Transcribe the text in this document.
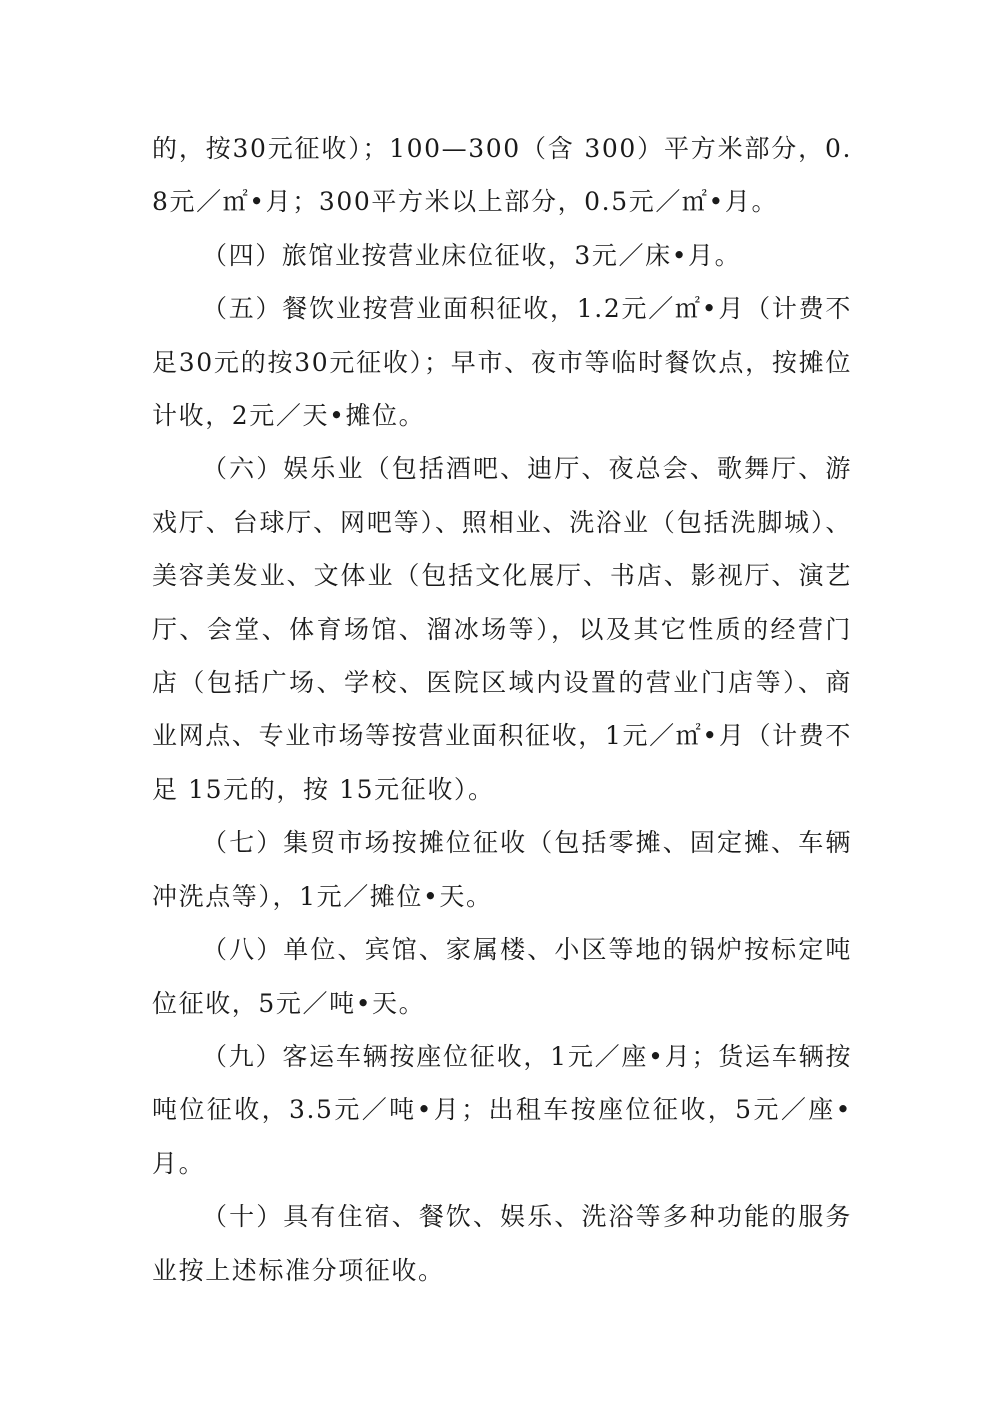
的，按30元征收）；100—300（含 300）平方米部分，0.8元／㎡•月；300平方米以上部分，0.5元／㎡•月。

（四）旅馆业按营业床位征收，3元／床•月。

（五）餐饮业按营业面积征收，1.2元／㎡•月（计费不足30元的按30元征收）；早市、夜市等临时餐饮点，按摊位计收，2元／天•摊位。

（六）娱乐业（包括酒吧、迪厅、夜总会、歌舞厅、游戏厅、台球厅、网吧等）、照相业、洗浴业（包括洗脚城）、美容美发业、文体业（包括文化展厅、书店、影视厅、演艺厅、会堂、体育场馆、溜冰场等），以及其它性质的经营门店（包括广场、学校、医院区域内设置的营业门店等）、商业网点、专业市场等按营业面积征收，1元／㎡•月（计费不足 15元的，按 15元征收）。

（七）集贸市场按摊位征收（包括零摊、固定摊、车辆冲洗点等），1元／摊位•天。

（八）单位、宾馆、家属楼、小区等地的锅炉按标定吨位征收，5元／吨•天。

（九）客运车辆按座位征收，1元／座•月；货运车辆按吨位征收，3.5元／吨•月；出租车按座位征收，5元／座•月。

（十）具有住宿、餐饮、娱乐、洗浴等多种功能的服务业按上述标准分项征收。
